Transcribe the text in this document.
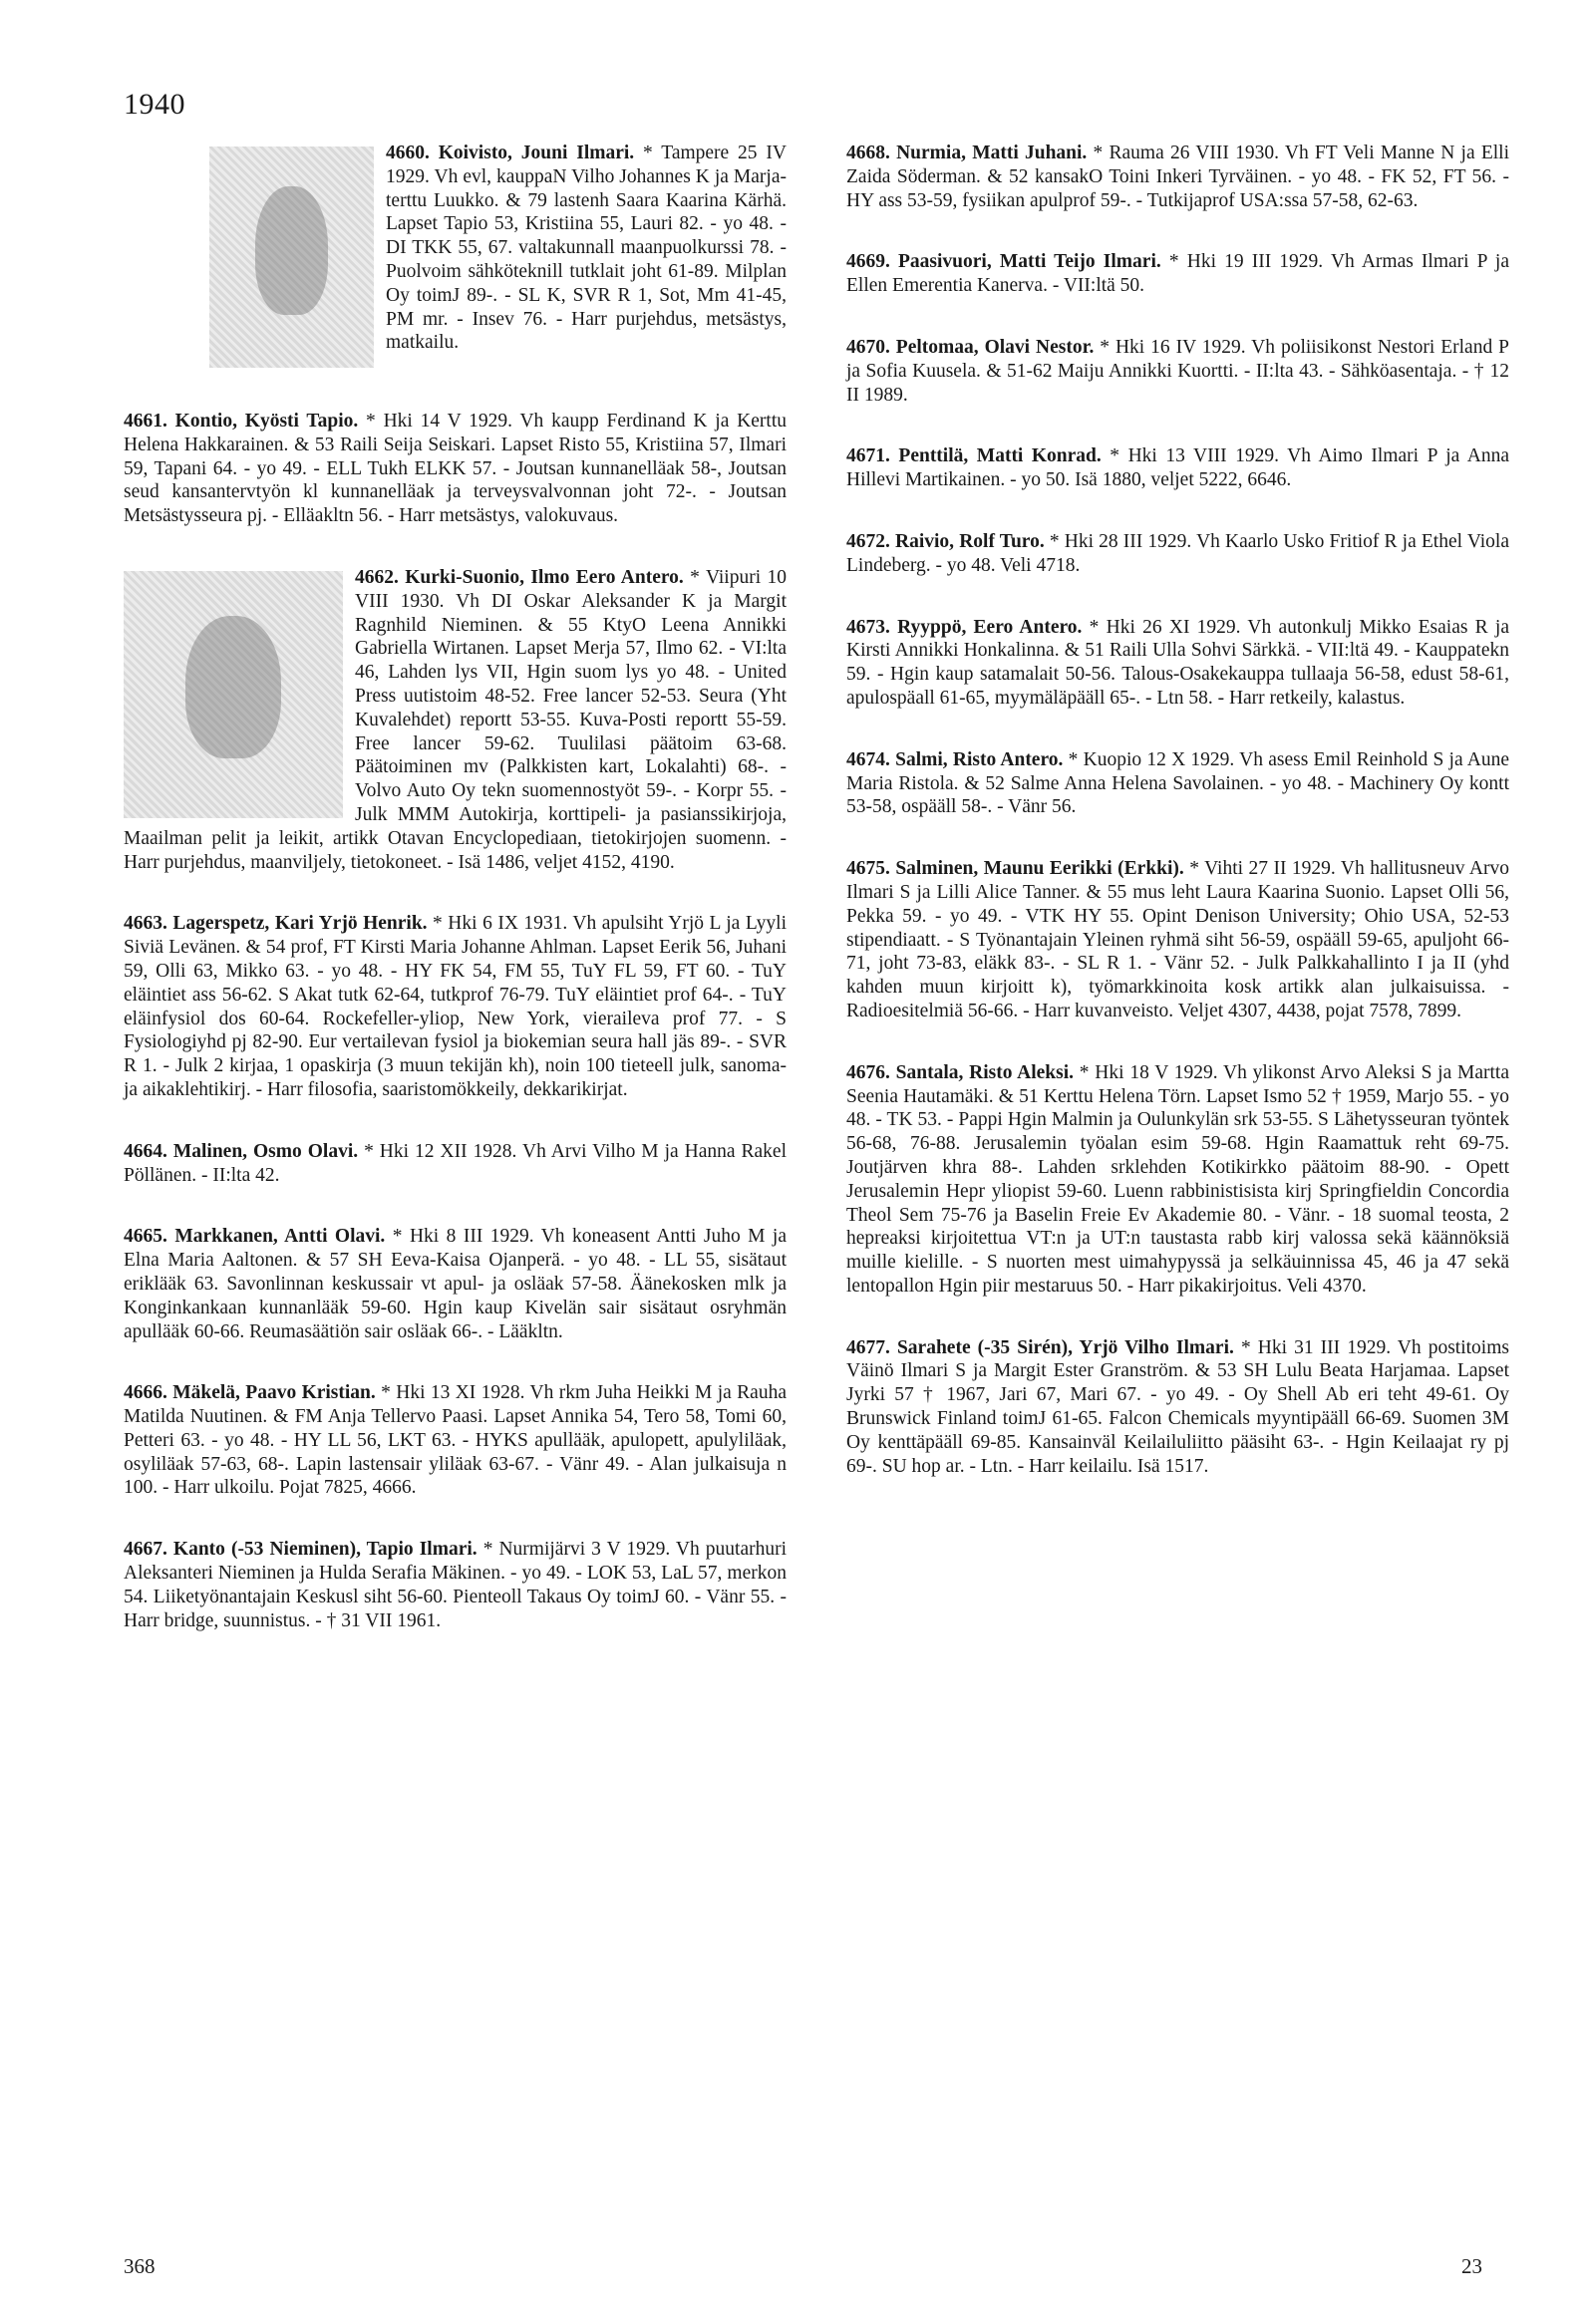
1940
4660. Koivisto, Jouni Ilmari. * Tampere 25 IV 1929. Vh evl, kauppaN Vilho Johannes K ja Marja-terttu Luukko. & 79 lastenh Saara Kaarina Kärhä. Lapset Tapio 53, Kristiina 55, Lauri 82. - yo 48. - DI TKK 55, 67. valtakunnall maanpuolkurssi 78. - Puolvoim sähköteknill tutklait joht 61-89. Milplan Oy toimJ 89-. - SL K, SVR R 1, Sot, Mm 41-45, PM mr. - Insev 76. - Harr purjehdus, metsästys, matkailu.
4661. Kontio, Kyösti Tapio. * Hki 14 V 1929. Vh kaupp Ferdinand K ja Kerttu Helena Hakkarainen. & 53 Raili Seija Seiskari. Lapset Risto 55, Kristiina 57, Ilmari 59, Tapani 64. - yo 49. - ELL Tukh ELKK 57. - Joutsan kunnanelläak 58-, Joutsan seud kansantervtyön kl kunnanelläak ja terveysvalvonnan joht 72-. - Joutsan Metsästysseura pj. - Elläakltn 56. - Harr metsästys, valokuvaus.
4662. Kurki-Suonio, Ilmo Eero Antero. * Viipuri 10 VIII 1930. Vh DI Oskar Aleksander K ja Margit Ragnhild Nieminen. & 55 KtyO Leena Annikki Gabriella Wirtanen. Lapset Merja 57, Ilmo 62. - VI:lta 46, Lahden lys VII, Hgin suom lys yo 48. - United Press uutistoim 48-52. Free lancer 52-53. Seura (Yht Kuvalehdet) reportt 53-55. Kuva-Posti reportt 55-59. Free lancer 59-62. Tuulilasi päätoim 63-68. Päätoiminen mv (Palkkisten kart, Lokalahti) 68-. - Volvo Auto Oy tekn suomennostyöt 59-. - Korpr 55. - Julk MMM Autokirja, korttipeli- ja pasianssikirjoja, Maailman pelit ja leikit, artikk Otavan Encyclopediaan, tietokirjojen suomenn. - Harr purjehdus, maanviljely, tietokoneet. - Isä 1486, veljet 4152, 4190.
4663. Lagerspetz, Kari Yrjö Henrik. * Hki 6 IX 1931. Vh apulsiht Yrjö L ja Lyyli Siviä Levänen. & 54 prof, FT Kirsti Maria Johanne Ahlman. Lapset Eerik 56, Juhani 59, Olli 63, Mikko 63. - yo 48. - HY FK 54, FM 55, TuY FL 59, FT 60. - TuY eläintiet ass 56-62. S Akat tutk 62-64, tutkprof 76-79. TuY eläintiet prof 64-. - TuY eläinfysiol dos 60-64. Rockefeller-yliop, New York, vieraileva prof 77. - S Fysiologiyhd pj 82-90. Eur vertailevan fysiol ja biokemian seura hall jäs 89-. - SVR R 1. - Julk 2 kirjaa, 1 opaskirja (3 muun tekijän kh), noin 100 tieteell julk, sanoma- ja aikaklehtikirj. - Harr filosofia, saaristomökkeily, dekkarikirjat.
4664. Malinen, Osmo Olavi. * Hki 12 XII 1928. Vh Arvi Vilho M ja Hanna Rakel Pöllänen. - II:lta 42.
4665. Markkanen, Antti Olavi. * Hki 8 III 1929. Vh koneasent Antti Juho M ja Elna Maria Aaltonen. & 57 SH Eeva-Kaisa Ojanperä. - yo 48. - LL 55, sisätaut eriklääk 63. Savonlinnan keskussair vt apul- ja osläak 57-58. Äänekosken mlk ja Konginkankaan kunnanlääk 59-60. Hgin kaup Kivelän sair sisätaut osryhmän apullääk 60-66. Reumasäätiön sair osläak 66-. - Lääkltn.
4666. Mäkelä, Paavo Kristian. * Hki 13 XI 1928. Vh rkm Juha Heikki M ja Rauha Matilda Nuutinen. & FM Anja Tellervo Paasi. Lapset Annika 54, Tero 58, Tomi 60, Petteri 63. - yo 48. - HY LL 56, LKT 63. - HYKS apullääk, apulopett, apulyliläak, osyliläak 57-63, 68-. Lapin lastensair yliläak 63-67. - Vänr 49. - Alan julkaisuja n 100. - Harr ulkoilu. Pojat 7825, 4666.
4667. Kanto (-53 Nieminen), Tapio Ilmari. * Nurmijärvi 3 V 1929. Vh puutarhuri Aleksanteri Nieminen ja Hulda Serafia Mäkinen. - yo 49. - LOK 53, LaL 57, merkon 54. Liiketyönantajain Keskusl siht 56-60. Pienteoll Takaus Oy toimJ 60. - Vänr 55. - Harr bridge, suunnistus. - † 31 VII 1961.
4668. Nurmia, Matti Juhani. * Rauma 26 VIII 1930. Vh FT Veli Manne N ja Elli Zaida Söderman. & 52 kansakO Toini Inkeri Tyrväinen. - yo 48. - FK 52, FT 56. - HY ass 53-59, fysiikan apulprof 59-. - Tutkijaprof USA:ssa 57-58, 62-63.
4669. Paasivuori, Matti Teijo Ilmari. * Hki 19 III 1929. Vh Armas Ilmari P ja Ellen Emerentia Kanerva. - VII:ltä 50.
4670. Peltomaa, Olavi Nestor. * Hki 16 IV 1929. Vh poliisikonst Nestori Erland P ja Sofia Kuusela. & 51-62 Maiju Annikki Kuortti. - II:lta 43. - Sähköasentaja. - † 12 II 1989.
4671. Penttilä, Matti Konrad. * Hki 13 VIII 1929. Vh Aimo Ilmari P ja Anna Hillevi Martikainen. - yo 50. Isä 1880, veljet 5222, 6646.
4672. Raivio, Rolf Turo. * Hki 28 III 1929. Vh Kaarlo Usko Fritiof R ja Ethel Viola Lindeberg. - yo 48. Veli 4718.
4673. Ryyppö, Eero Antero. * Hki 26 XI 1929. Vh autonkulj Mikko Esaias R ja Kirsti Annikki Honkalinna. & 51 Raili Ulla Sohvi Särkkä. - VII:ltä 49. - Kauppatekn 59. - Hgin kaup satamalait 50-56. Talous-Osakekauppa tullaaja 56-58, edust 58-61, apulospäall 61-65, myymäläpääll 65-. - Ltn 58. - Harr retkeily, kalastus.
4674. Salmi, Risto Antero. * Kuopio 12 X 1929. Vh asess Emil Reinhold S ja Aune Maria Ristola. & 52 Salme Anna Helena Savolainen. - yo 48. - Machinery Oy kontt 53-58, ospääll 58-. - Vänr 56.
4675. Salminen, Maunu Eerikki (Erkki). * Vihti 27 II 1929. Vh hallitusneuv Arvo Ilmari S ja Lilli Alice Tanner. & 55 mus leht Laura Kaarina Suonio. Lapset Olli 56, Pekka 59. - yo 49. - VTK HY 55. Opint Denison University; Ohio USA, 52-53 stipendiaatt. - S Työnantajain Yleinen ryhmä siht 56-59, ospääll 59-65, apuljoht 66-71, joht 73-83, eläkk 83-. - SL R 1. - Vänr 52. - Julk Palkkahallinto I ja II (yhd kahden muun kirjoitt k), työmarkkinoita kosk artikk alan julkaisuissa. - Radioesitelmiä 56-66. - Harr kuvanveisto. Veljet 4307, 4438, pojat 7578, 7899.
4676. Santala, Risto Aleksi. * Hki 18 V 1929. Vh ylikonst Arvo Aleksi S ja Martta Seenia Hautamäki. & 51 Kerttu Helena Törn. Lapset Ismo 52 † 1959, Marjo 55. - yo 48. - TK 53. - Pappi Hgin Malmin ja Oulunkylän srk 53-55. S Lähetysseuran työntek 56-68, 76-88. Jerusalemin työalan esim 59-68. Hgin Raamattuk reht 69-75. Joutjärven khra 88-. Lahden srklehden Kotikirkko päätoim 88-90. - Opett Jerusalemin Hepr yliopist 59-60. Luenn rabbinistisista kirj Springfieldin Concordia Theol Sem 75-76 ja Baselin Freie Ev Akademie 80. - Vänr. - 18 suomal teosta, 2 hepreaksi kirjoitettua VT:n ja UT:n taustasta rabb kirj valossa sekä käännöksiä muille kielille. - S nuorten mest uimahypyssä ja selkäuinnissa 45, 46 ja 47 sekä lentopallon Hgin piir mestaruus 50. - Harr pikakirjoitus. Veli 4370.
4677. Sarahete (-35 Sirén), Yrjö Vilho Ilmari. * Hki 31 III 1929. Vh postitoims Väinö Ilmari S ja Margit Ester Granström. & 53 SH Lulu Beata Harjamaa. Lapset Jyrki 57 † 1967, Jari 67, Mari 67. - yo 49. - Oy Shell Ab eri teht 49-61. Oy Brunswick Finland toimJ 61-65. Falcon Chemicals myyntipääll 66-69. Suomen 3M Oy kenttäpääll 69-85. Kansainväl Keilailuliitto pääsiht 63-. - Hgin Keilaajat ry pj 69-. SU hop ar. - Ltn. - Harr keilailu. Isä 1517.
368	23
